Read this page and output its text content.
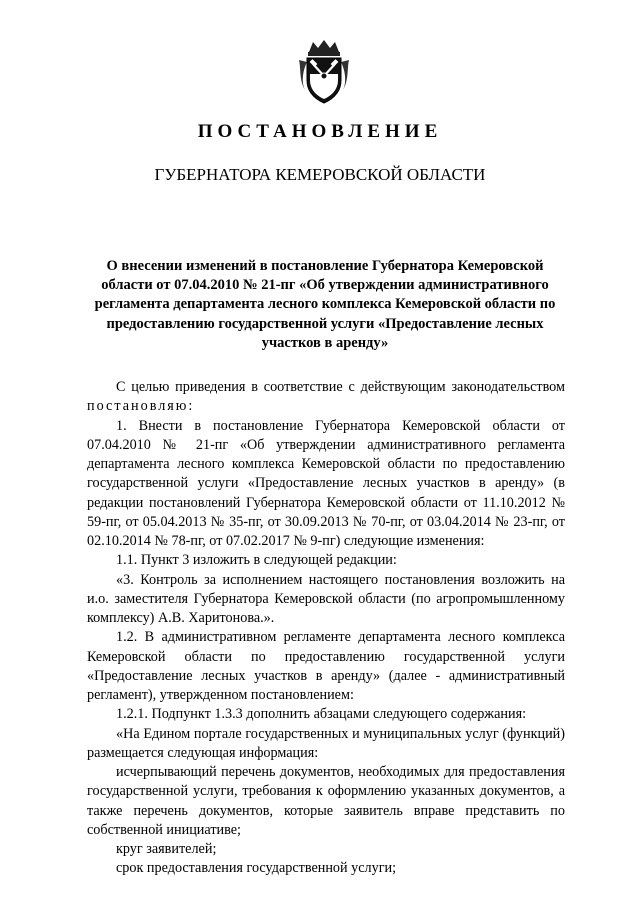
ПОСТАНОВЛЕНИЕ
ГУБЕРНАТОРА КЕМЕРОВСКОЙ ОБЛАСТИ
О внесении изменений в постановление Губернатора Кемеровской области от 07.04.2010 № 21-пг «Об утверждении административного регламента департамента лесного комплекса Кемеровской области по предоставлению государственной услуги «Предоставление лесных участков в аренду»

С целью приведения в соответствие с действующим законодательством постановляю:

1. Внести в постановление Губернатора Кемеровской области от 07.04.2010 № 21-пг «Об утверждении административного регламента департамента лесного комплекса Кемеровской области по предоставлению государственной услуги «Предоставление лесных участков в аренду» (в редакции постановлений Губернатора Кемеровской области от 11.10.2012 № 59-пг, от 05.04.2013 № 35-пг, от 30.09.2013 № 70-пг, от 03.04.2014 № 23-пг, от 02.10.2014 № 78-пг, от 07.02.2017 № 9-пг) следующие изменения:

1.1. Пункт 3 изложить в следующей редакции:

«3. Контроль за исполнением настоящего постановления возложить на и.о. заместителя Губернатора Кемеровской области (по агропромышленному комплексу) А.В. Харитонова.».

1.2. В административном регламенте департамента лесного комплекса Кемеровской области по предоставлению государственной услуги «Предоставление лесных участков в аренду» (далее - административный регламент), утвержденном постановлением:

1.2.1. Подпункт 1.3.3 дополнить абзацами следующего содержания:

«На Едином портале государственных и муниципальных услуг (функций) размещается следующая информация:

исчерпывающий перечень документов, необходимых для предоставления государственной услуги, требования к оформлению указанных документов, а также перечень документов, которые заявитель вправе представить по собственной инициативе;

круг заявителей;

срок предоставления государственной услуги;
